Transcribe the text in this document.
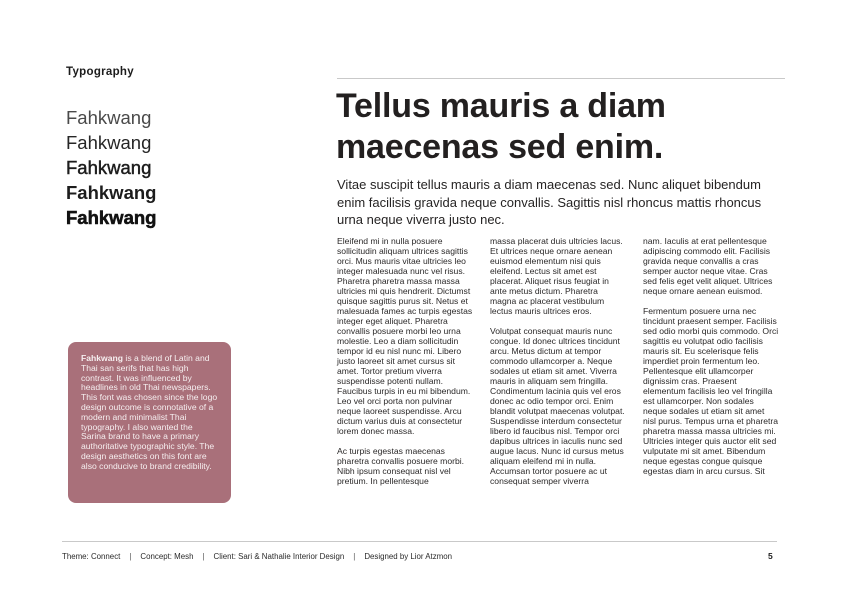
Typography
Fahkwang
Fahkwang
Fahkwang
Fahkwang
Fahkwang
Fahkwang is a blend of Latin and Thai san serifs that has high contrast. It was influenced by headlines in old Thai newspapers. This font was chosen since the logo design outcome is connotative of a modern and minimalist Thai typography. I also wanted the Sarina brand to have a primary authoritative typographic style. The design aesthetics on this font are also conducive to brand credibility.
Tellus mauris a diam maecenas sed enim.

Vitae suscipit tellus mauris a diam maecenas sed. Nunc aliquet bibendum enim facilisis gravida neque convallis. Sagittis nisl rhoncus mattis rhoncus urna neque viverra justo nec.

Eleifend mi in nulla posuere sollicitudin aliquam ultrices sagittis orci. Mus mauris vitae ultricies leo integer malesuada nunc vel risus. Pharetra pharetra massa massa ultricies mi quis hendrerit. Dictumst quisque sagittis purus sit. Netus et malesuada fames ac turpis egestas integer eget aliquet. Pharetra convallis posuere morbi leo urna molestie. Leo a diam sollicitudin tempor id eu nisl nunc mi. Libero justo laoreet sit amet cursus sit amet. Tortor pretium viverra suspendisse potenti nullam. Faucibus turpis in eu mi bibendum. Leo vel orci porta non pulvinar neque laoreet suspendisse. Arcu dictum varius duis at consectetur lorem donec massa.

Ac turpis egestas maecenas pharetra convallis posuere morbi. Nibh ipsum consequat nisl vel pretium. In pellentesque

massa placerat duis ultricies lacus. Et ultrices neque ornare aenean euismod elementum nisi quis eleifend. Lectus sit amet est placerat. Aliquet risus feugiat in ante metus dictum. Pharetra magna ac placerat vestibulum lectus mauris ultrices eros.

Volutpat consequat mauris nunc congue. Id donec ultrices tincidunt arcu. Metus dictum at tempor commodo ullamcorper a. Neque sodales ut etiam sit amet. Viverra mauris in aliquam sem fringilla. Condimentum lacinia quis vel eros donec ac odio tempor orci. Enim blandit volutpat maecenas volutpat. Suspendisse interdum consectetur libero id faucibus nisl. Tempor orci dapibus ultrices in iaculis nunc sed augue lacus. Nunc id cursus metus aliquam eleifend mi in nulla. Accumsan tortor posuere ac ut consequat semper viverra

nam. Iaculis at erat pellentesque adipiscing commodo elit. Facilisis gravida neque convallis a cras semper auctor neque vitae. Cras sed felis eget velit aliquet. Ultrices neque ornare aenean euismod.

Fermentum posuere urna nec tincidunt praesent semper. Facilisis sed odio morbi quis commodo. Orci sagittis eu volutpat odio facilisis mauris sit. Eu scelerisque felis imperdiet proin fermentum leo. Pellentesque elit ullamcorper dignissim cras. Praesent elementum facilisis leo vel fringilla est ullamcorper. Non sodales neque sodales ut etiam sit amet nisl purus. Tempus urna et pharetra pharetra massa massa ultricies mi. Ultricies integer quis auctor elit sed vulputate mi sit amet. Bibendum neque egestas congue quisque egestas diam in arcu cursus. Sit

Theme: Connect | Concept: Mesh | Client: Sari & Nathalie Interior Design | Designed by Lior Atzmon	5
